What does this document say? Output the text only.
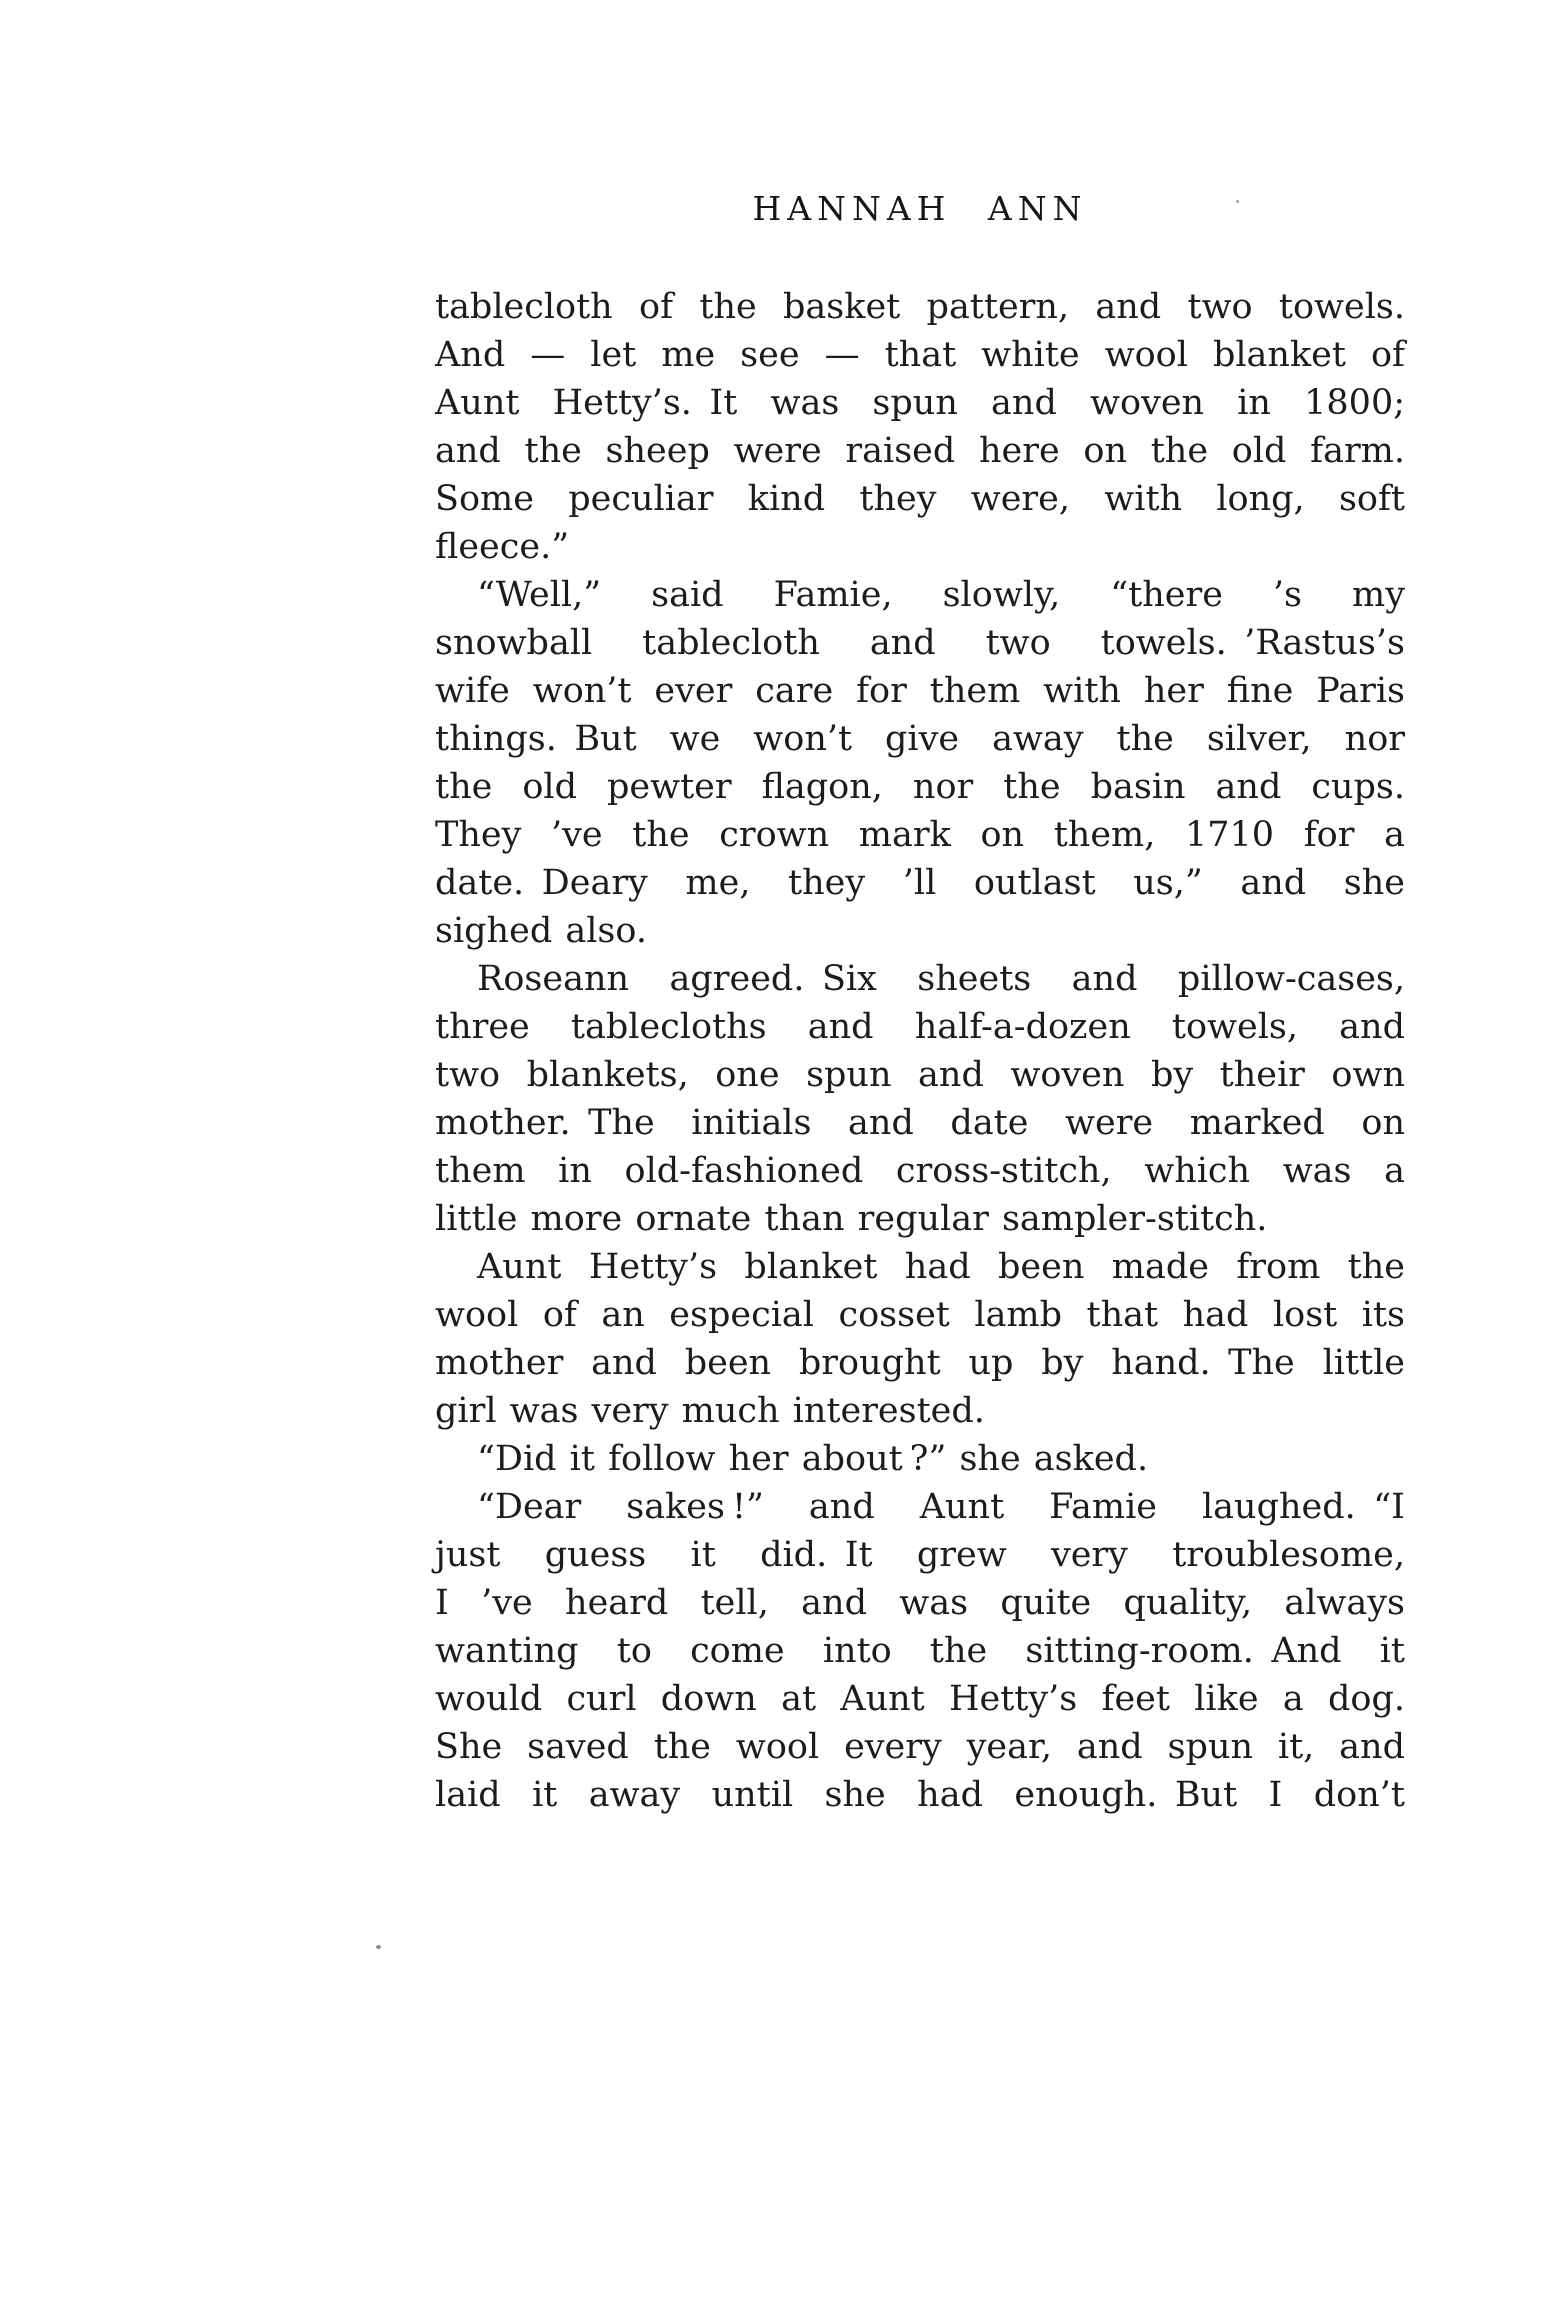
HANNAH ANN
tablecloth of the basket pattern, and two towels.
And — let me see — that white wool blanket of
Aunt Hetty’s. It was spun and woven in 1800;
and the sheep were raised here on the old farm.
Some peculiar kind they were, with long, soft
fleece.”
“Well,” said Famie, slowly, “there ’s my
snowball tablecloth and two towels. ’Rastus’s
wife won’t ever care for them with her fine Paris
things. But we won’t give away the silver, nor
the old pewter flagon, nor the basin and cups.
They ’ve the crown mark on them, 1710 for a
date. Deary me, they ’ll outlast us,” and she
sighed also.
Roseann agreed. Six sheets and pillow-cases,
three tablecloths and half-a-dozen towels, and
two blankets, one spun and woven by their own
mother. The initials and date were marked on
them in old-fashioned cross-stitch, which was a
little more ornate than regular sampler-stitch.
Aunt Hetty’s blanket had been made from the
wool of an especial cosset lamb that had lost its
mother and been brought up by hand. The little
girl was very much interested.
“Did it follow her about ?” she asked.
“Dear sakes !” and Aunt Famie laughed. “I
just guess it did. It grew very troublesome,
I ’ve heard tell, and was quite quality, always
wanting to come into the sitting-room. And it
would curl down at Aunt Hetty’s feet like a dog.
She saved the wool every year, and spun it, and
laid it away until she had enough. But I don’t
